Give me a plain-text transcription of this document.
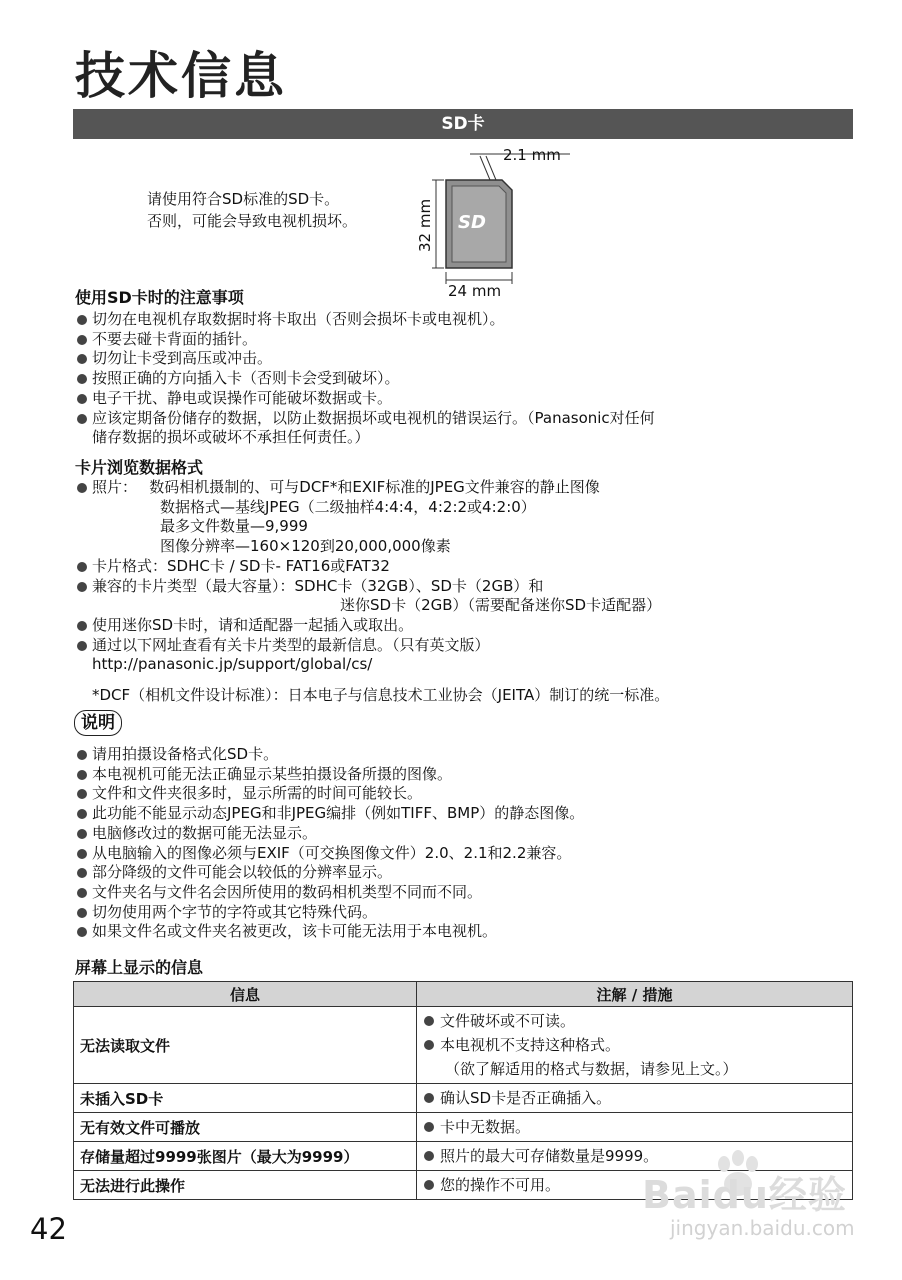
技术信息
SD卡
请使用符合SD标准的SD卡。
否则，可能会导致电视机损坏。	SD
2.1 mm
32 mm
24 mm
使用SD卡时的注意事项
切勿在电视机存取数据时将卡取出（否则会损坏卡或电视机）。
不要去碰卡背面的插针。
切勿让卡受到高压或冲击。
按照正确的方向插入卡（否则卡会受到破坏）。
电子干扰、静电或误操作可能破坏数据或卡。
应该定期备份储存的数据，以防止数据损坏或电视机的错误运行。（Panasonic对任何
储存数据的损坏或破坏不承担任何责任。）
卡片浏览数据格式
照片：　 数码相机摄制的、可与DCF*和EXIF标准的JPEG文件兼容的静止图像
数据格式—基线JPEG（二级抽样4:4:4，4:2:2或4:2:0）
最多文件数量—9,999
图像分辨率—160×120到20,000,000像素
卡片格式：SDHC卡 / SD卡- FAT16或FAT32
兼容的卡片类型（最大容量）：SDHC卡（32GB）、SD卡（2GB）和
迷你SD卡（2GB）（需要配备迷你SD卡适配器）
使用迷你SD卡时，请和适配器一起插入或取出。
通过以下网址查看有关卡片类型的最新信息。（只有英文版）
http://panasonic.jp/support/global/cs/
*DCF（相机文件设计标准）：日本电子与信息技术工业协会（JEITA）制订的统一标准。
说明
请用拍摄设备格式化SD卡。
本电视机可能无法正确显示某些拍摄设备所摄的图像。
文件和文件夹很多时，显示所需的时间可能较长。
此功能不能显示动态JPEG和非JPEG编排（例如TIFF、BMP）的静态图像。
电脑修改过的数据可能无法显示。
从电脑输入的图像必须与EXIF（可交换图像文件）2.0、2.1和2.2兼容。
部分降级的文件可能会以较低的分辨率显示。
文件夹名与文件名会因所使用的数码相机类型不同而不同。
切勿使用两个字节的字符或其它特殊代码。
如果文件名或文件夹名被更改，该卡可能无法用于本电视机。
屏幕上显示的信息
信息	注解 / 措施
无法读取文件	文件破坏或不可读。
本电视机不支持这种格式。
（欲了解适用的格式与数据，请参见上文。）

未插入SD卡	确认SD卡是否正确插入。

无有效文件可播放	卡中无数据。

存储量超过9999张图片（最大为9999）	照片的最大可存储数量是9999。

无法进行此操作	您的操作不可用。
42
Baidu经验
jingyan.baidu.com
